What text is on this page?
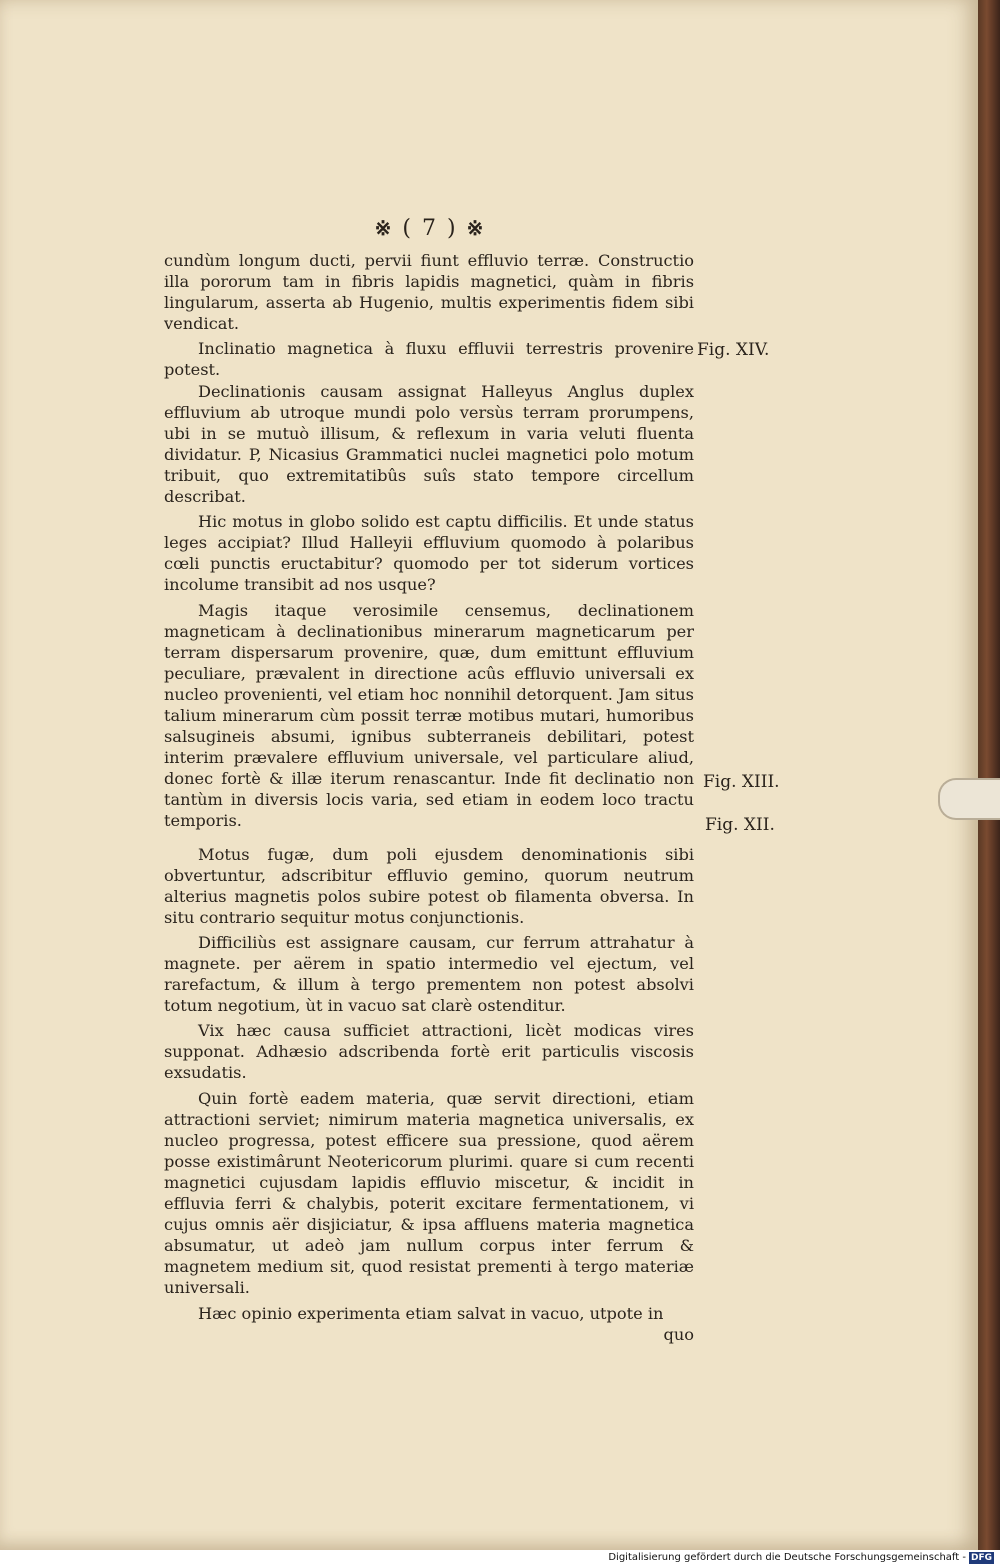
※ ( 7 ) ※

cundùm longum ducti, pervii fiunt effluvio terræ. Constructio illa pororum tam in fibris lapidis magnetici, quàm in fibris lingularum, asserta ab Hugenio, multis experimentis fidem sibi vendicat.

Inclinatio magnetica à fluxu effluvii terrestris provenire potest.

Declinationis causam assignat Halleyus Anglus duplex effluvium ab utroque mundi polo versùs terram prorumpens, ubi in se mutuò illisum, & reflexum in varia veluti fluenta dividatur. P, Nicasius Grammatici nuclei magnetici polo motum tribuit, quo extremitatibûs suîs stato tempore circellum describat.

Hic motus in globo solido est captu difficilis. Et unde status leges accipiat? Illud Halleyii effluvium quomodo à polaribus cœli punctis eructabitur? quomodo per tot siderum vortices incolume transibit ad nos usque?

Magis itaque verosimile censemus, declinationem magneticam à declinationibus minerarum magneticarum per terram dispersarum provenire, quæ, dum emittunt effluvium peculiare, prævalent in directione acûs effluvio universali ex nucleo provenienti, vel etiam hoc nonnihil detorquent. Jam situs talium minerarum cùm possit terræ motibus mutari, humoribus salsugineis absumi, ignibus subterraneis debilitari, potest interim prævalere effluvium universale, vel particulare aliud, donec fortè & illæ iterum renascantur. Inde fit declinatio non tantùm in diversis locis varia, sed etiam in eodem loco tractu temporis.

Motus fugæ, dum poli ejusdem denominationis sibi obvertuntur, adscribitur effluvio gemino, quorum neutrum alterius magnetis polos subire potest ob filamenta obversa. In situ contrario sequitur motus conjunctionis.

Difficiliùs est assignare causam, cur ferrum attrahatur à magnete. per aërem in spatio intermedio vel ejectum, vel rarefactum, & illum à tergo prementem non potest absolvi totum negotium, ùt in vacuo sat clarè ostenditur.

Vix hæc causa sufficiet attractioni, licèt modicas vires supponat. Adhæsio adscribenda fortè erit particulis viscosis exsudatis.

Quin fortè eadem materia, quæ servit directioni, etiam attractioni serviet; nimirum materia magnetica universalis, ex nucleo progressa, potest efficere sua pressione, quod aërem posse existimârunt Neotericorum plurimi. quare si cum recenti magnetici cujusdam lapidis effluvio miscetur, & incidit in effluvia ferri & chalybis, poterit excitare fermentationem, vi cujus omnis aër disjiciatur, & ipsa affluens materia magnetica absumatur, ut adeò jam nullum corpus inter ferrum & magnetem medium sit, quod resistat prementi à tergo materiæ universali.

Hæc opinio experimenta etiam salvat in vacuo, utpote in

quo

Fig. XIV.
Fig. XIII.
Fig. XII.
Digitalisierung gefördert durch die Deutsche Forschungsgemeinschaft - DFG
